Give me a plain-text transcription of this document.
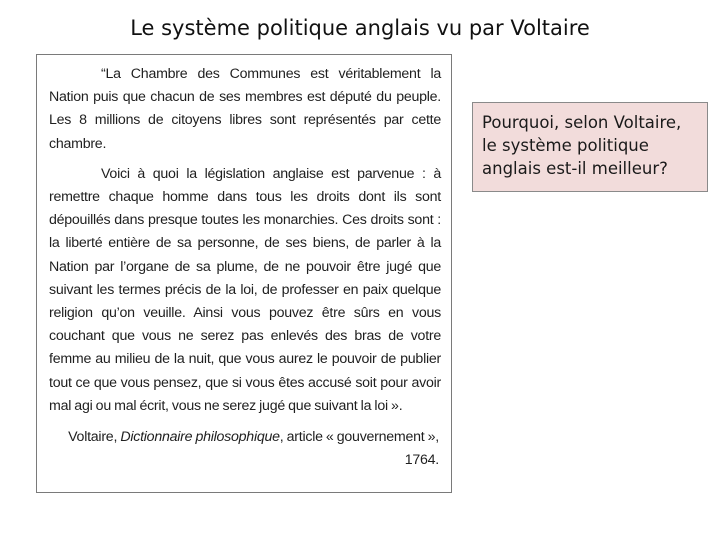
Le système politique anglais vu par Voltaire

“La Chambre des Communes est véritablement la Nation puis que chacun de ses membres est député du peuple. Les 8 millions de citoyens libres sont représentés par cette chambre.

Voici à quoi la législation anglaise est parvenue : à remettre chaque homme dans tous les droits dont ils sont dépouillés dans presque toutes les monarchies. Ces droits sont : la liberté entière de sa personne, de ses biens, de parler à la Nation par l’organe de sa plume, de ne pouvoir être jugé que suivant les termes précis de la loi, de professer en paix quelque religion qu’on veuille. Ainsi vous pouvez être sûrs en vous couchant que vous ne serez pas enlevés des bras de votre femme au milieu de la nuit, que vous aurez le pouvoir de publier tout ce que vous pensez, que si vous êtes accusé soit pour avoir mal agi ou mal écrit, vous ne serez jugé que suivant la loi ».

Voltaire, Dictionnaire philosophique, article « gouvernement », 1764.

Pourquoi, selon Voltaire, le système politique anglais est-il meilleur?
